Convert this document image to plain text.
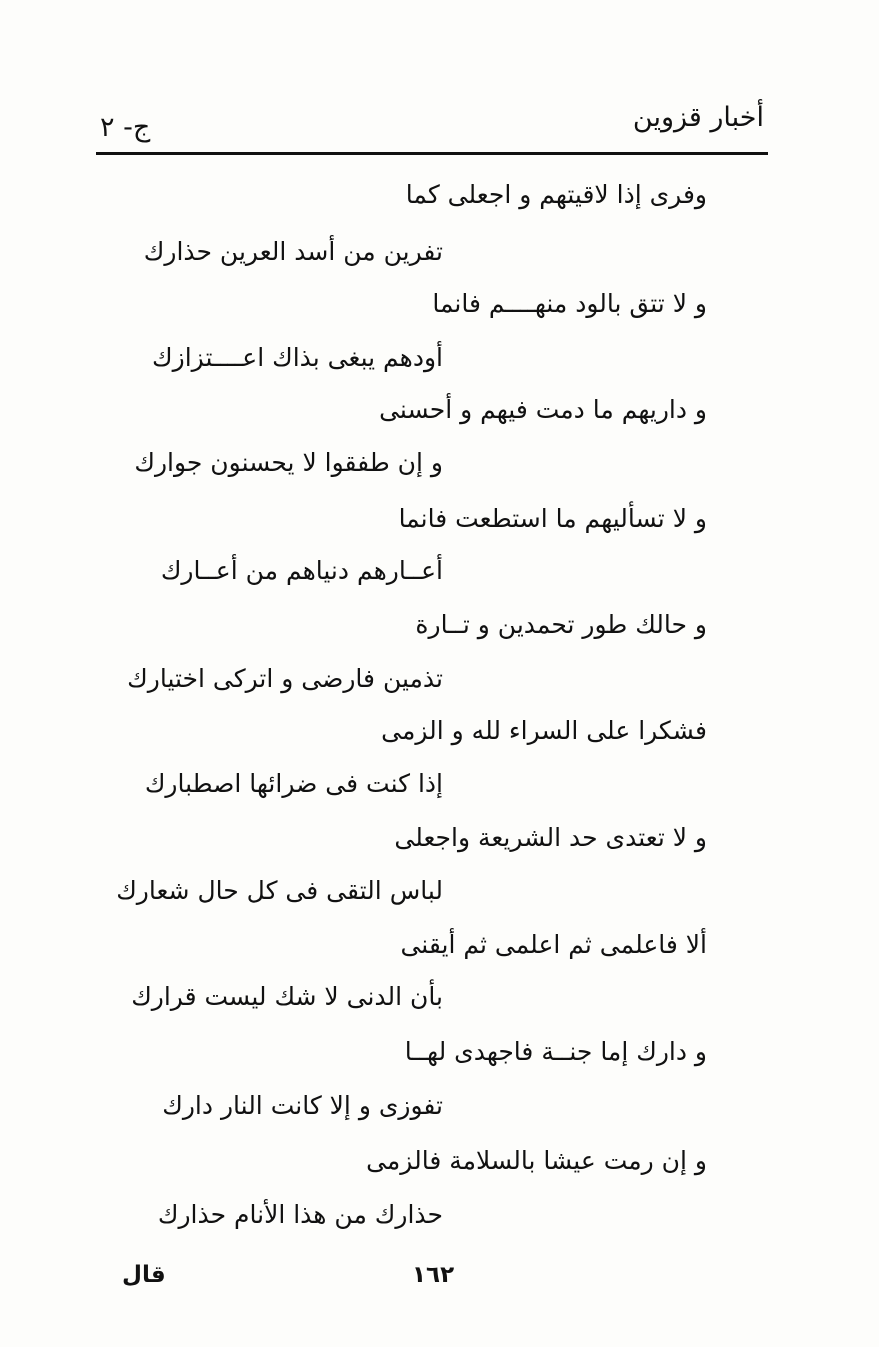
أخبار قزوين
ج- ٢
وفرى إذا لاقيتهم و اجعلى كما
تفرين من أسد العرين حذارك
و لا تتق بالود منهــــم فانما
أودهم يبغى بذاك اعــــتزازك
و داريهم ما دمت فيهم و أحسنى
و إن طفقوا لا يحسنون جوارك
و لا تسأليهم ما استطعت فانما
أعــارهم دنياهم من أعــارك
و حالك طور تحمدين و تــارة
تذمين فارضى و اتركى اختيارك
فشكرا على السراء لله و الزمى
إذا كنت فى ضرائها اصطبارك
و لا تعتدى حد الشريعة واجعلى
لباس التقى فى كل حال شعارك
ألا فاعلمى ثم اعلمى ثم أيقنى
بأن الدنى لا شك ليست قرارك
و دارك إما جنــة فاجهدى لهــا
تفوزى و إلا كانت النار دارك
و إن رمت عيشا بالسلامة فالزمى
حذارك من هذا الأنام حذارك
قال	١٦٢
